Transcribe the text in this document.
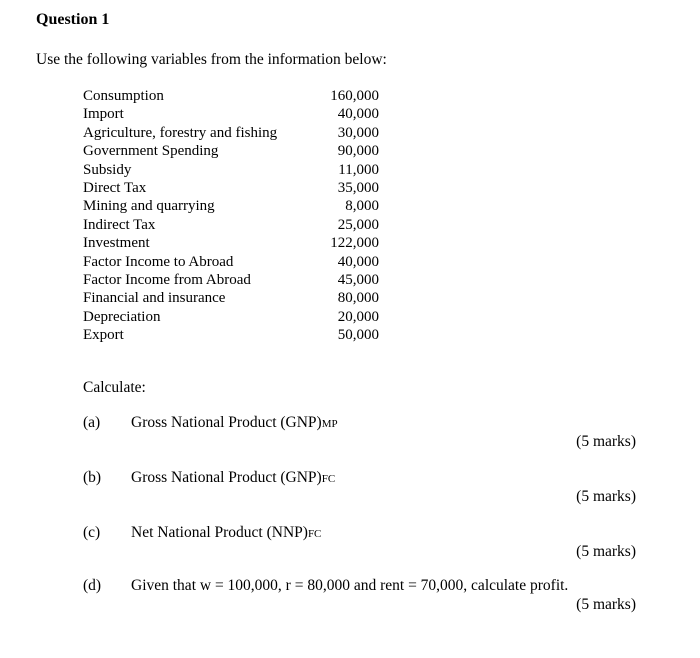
Question 1
Use the following variables from the information below:
Consumption	160,000
Import	40,000
Agriculture, forestry and fishing	30,000
Government Spending	90,000
Subsidy	11,000
Direct Tax	35,000
Mining and quarrying	8,000
Indirect Tax	25,000
Investment	122,000
Factor Income to Abroad	40,000
Factor Income from Abroad	45,000
Financial and insurance	80,000
Depreciation	20,000
Export	50,000
Calculate:
(a) Gross National Product (GNP)MP
(5 marks)
(b) Gross National Product (GNP)FC
(5 marks)
(c) Net National Product (NNP)FC
(5 marks)
(d) Given that w = 100,000, r = 80,000 and rent = 70,000, calculate profit.
(5 marks)
